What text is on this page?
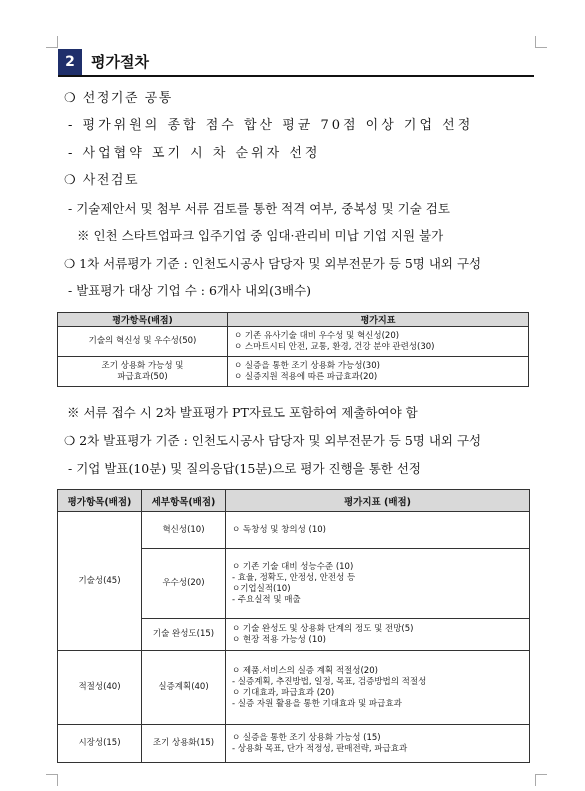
2	평가절차
❍ 선정기준 공통
- 평가위원의 종합 점수 합산 평균 70점 이상 기업 선정
- 사업협약 포기 시 차 순위자 선정
❍ 사전검토
- 기술제안서 및 첨부 서류 검토를 통한 적격 여부, 중복성 및 기술 검토
※ 인천 스타트업파크 입주기업 중 임대·관리비 미납 기업 지원 불가
❍ 1차 서류평가 기준 : 인천도시공사 담당자 및 외부전문가 등 5명 내외 구성
- 발표평가 대상 기업 수 : 6개사 내외(3배수)
평가항목(배점)	평가지표

기술의 혁신성 및 우수성(50)	ㅇ 기존 유사기술 대비 우수성 및 혁신성(20)
ㅇ 스마트시티 안전, 교통, 환경, 건강 분야 관련성(30)

조기 상용화 가능성 및
파급효과(50)	ㅇ 실증을 통한 조기 상용화 가능성(30)
ㅇ 실증지원 적용에 따른 파급효과(20)
※ 서류 접수 시 2차 발표평가 PT자료도 포함하여 제출하여야 함
❍ 2차 발표평가 기준 : 인천도시공사 담당자 및 외부전문가 등 5명 내외 구성
- 기업 발표(10분) 및 질의응답(15분)으로 평가 진행을 통한 선정
평가항목(배점)	세부항목(배점)	평가지표 (배점)
기술성(45)	혁신성(10)	ㅇ 독창성 및 창의성 (10)

	우수성(20)	ㅇ 기존 기술 대비 성능수준 (10)
- 효율, 정확도, 안정성, 안전성 등
ㅇ기업실적(10)
- 주요실적 및 매출

	기술 완성도(15)	ㅇ 기술 완성도 및 상용화 단계의 정도 및 전망(5)
ㅇ 현장 적용 가능성 (10)

적절성(40)	실증계획(40)	ㅇ 제품.서비스의 실증 계획 적절성(20)
- 실증계획, 추진방법, 일정, 목표, 검증방법의 적절성
ㅇ 기대효과, 파급효과 (20)
- 실증 자원 활용을 통한 기대효과 및 파급효과

시장성(15)	조기 상용화(15)	ㅇ 실증을 통한 조기 상용화 가능성 (15)
- 상용화 목표, 단가 적정성, 판매전략, 파급효과
